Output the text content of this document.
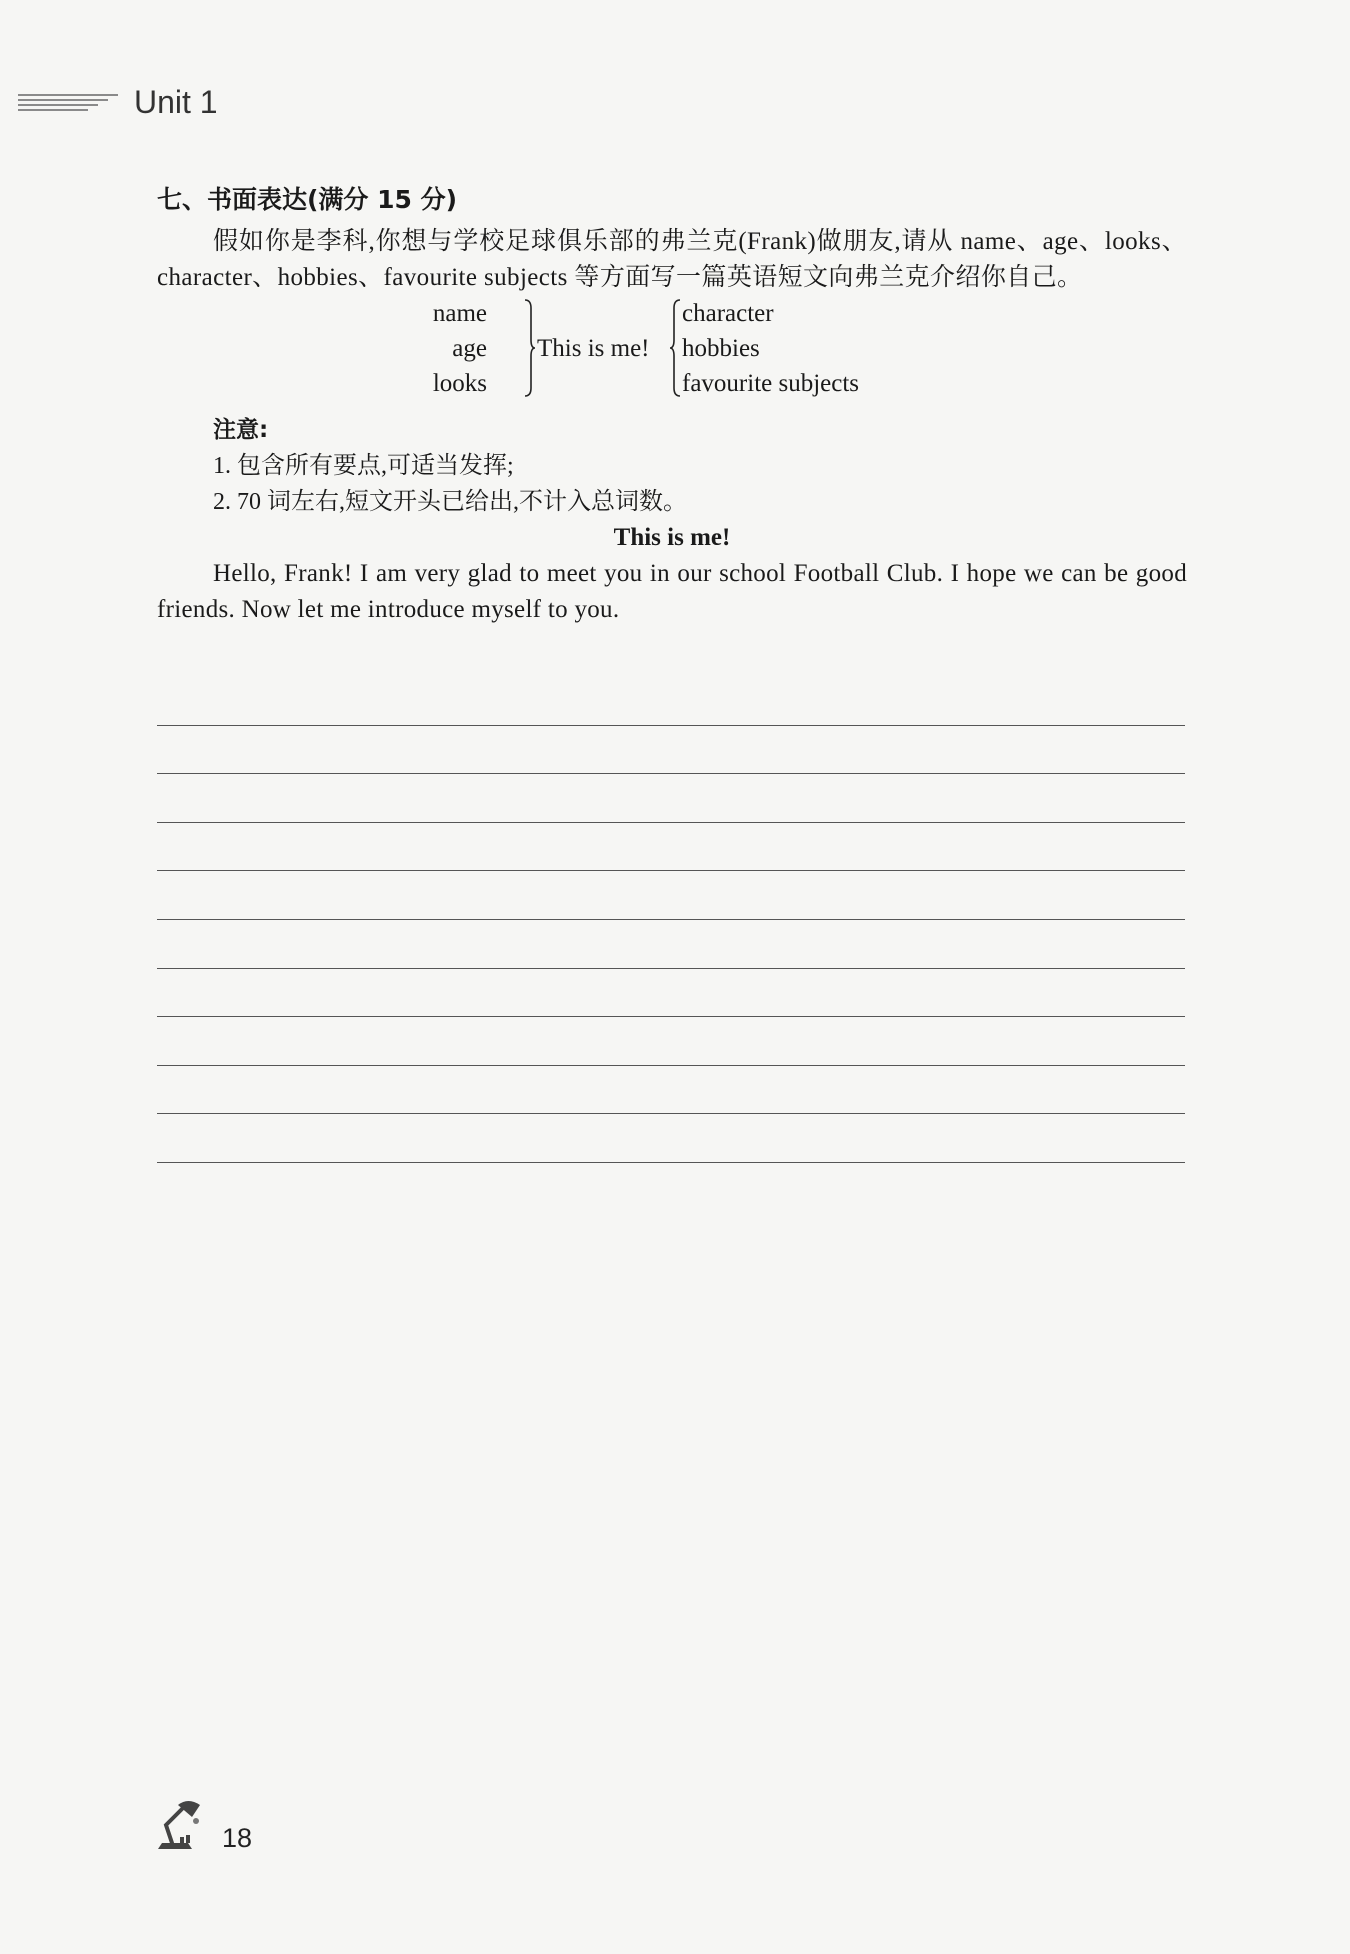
Unit 1

七、书面表达(满分 15 分)

假如你是李科,你想与学校足球俱乐部的弗兰克(Frank)做朋友,请从 name、age、looks、character、hobbies、favourite subjects 等方面写一篇英语短文向弗兰克介绍你自己。

name
age
looks
This is me!
character
hobbies
favourite subjects

注意:

1. 包含所有要点,可适当发挥;

2. 70 词左右,短文开头已给出,不计入总词数。

This is me!

Hello, Frank! I am very glad to meet you in our school Football Club. I hope we can be good friends. Now let me introduce myself to you.

18
